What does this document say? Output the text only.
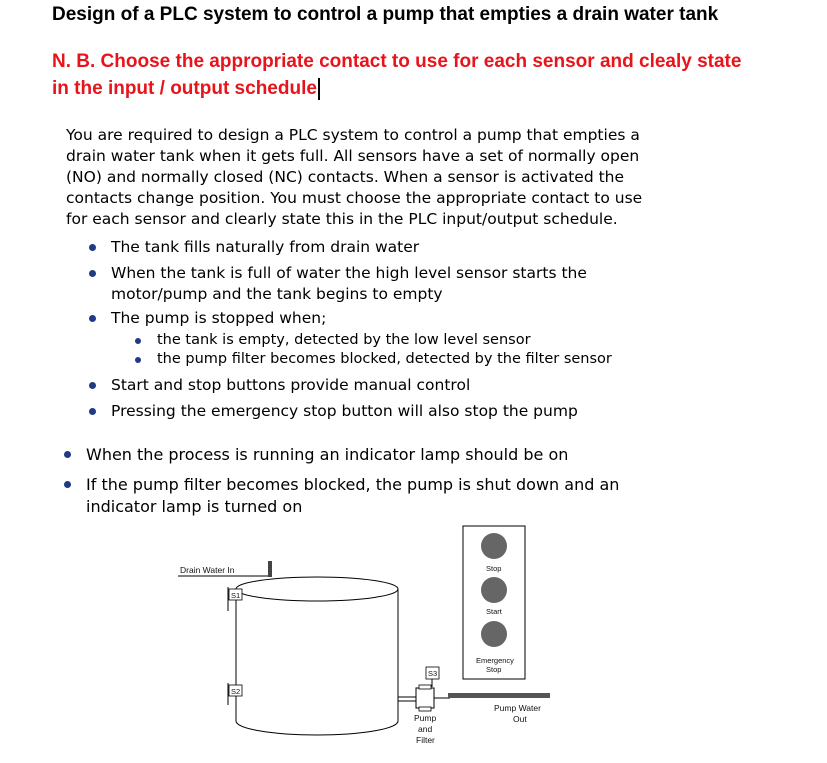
Design of a PLC system to control a pump that empties a drain water tank
N. B. Choose the appropriate contact to use for each sensor and clealy state
in the input / output schedule
You are required to design a PLC system to control a pump that empties a
drain water tank when it gets full. All sensors have a set of normally open
(NO) and normally closed (NC) contacts. When a sensor is activated the
contacts change position. You must choose the appropriate contact to use
for each sensor and clearly state this in the PLC input/output schedule.
The tank fills naturally from drain water
When the tank is full of water the high level sensor starts the
motor/pump and the tank begins to empty
The pump is stopped when;
the tank is empty, detected by the low level sensor
the pump filter becomes blocked, detected by the filter sensor
Start and stop buttons provide manual control
Pressing the emergency stop button will also stop the pump
When the process is running an indicator lamp should be on
If the pump filter becomes blocked, the pump is shut down and an
indicator lamp is turned on
Drain Water In
S1
S2
S3
Pump
and
Filter
Stop
Start
Emergency
Stop
Pump Water
Out
